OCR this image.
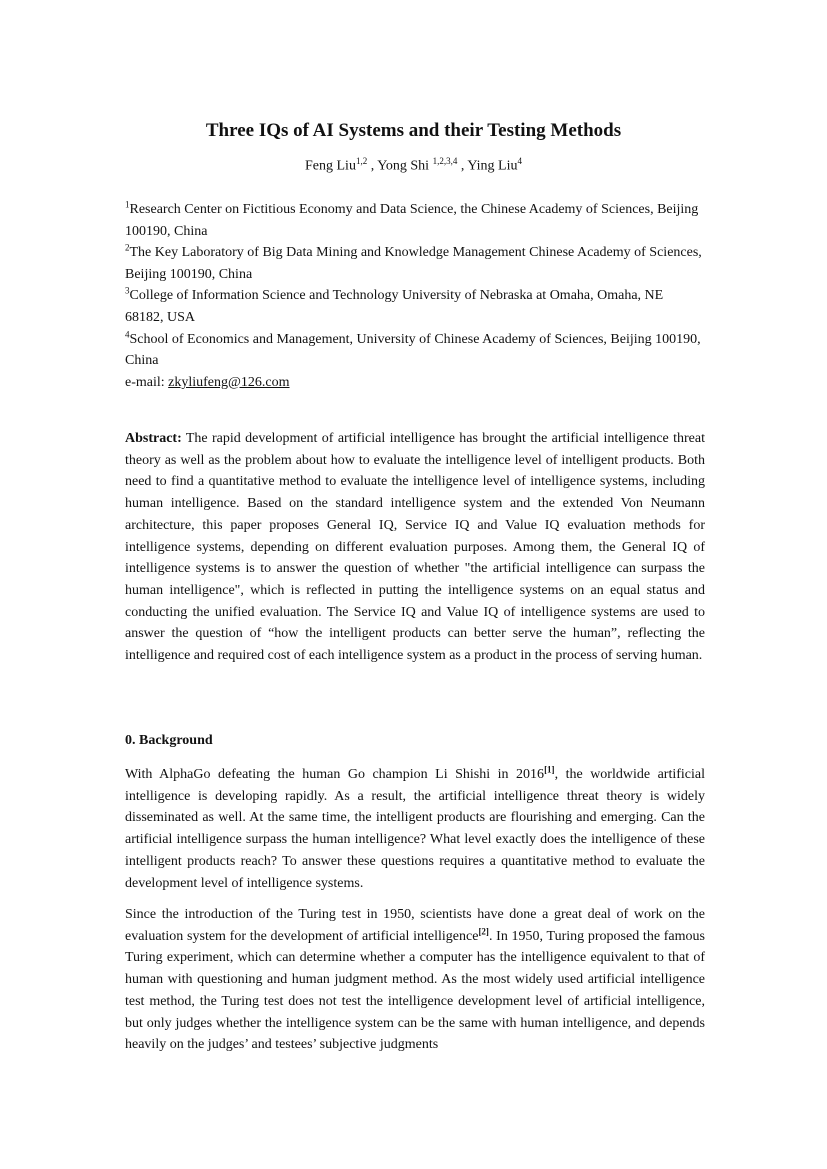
Three IQs of AI Systems and their Testing Methods
Feng Liu$^{1,2}$ , Yong Shi $^{1,2,3,4}$ , Ying Liu$^4$

$^1$Research Center on Fictitious Economy and Data Science, the Chinese Academy of Sciences, Beijing 100190, China

$^2$The Key Laboratory of Big Data Mining and Knowledge Management Chinese Academy of Sciences, Beijing 100190, China

$^3$College of Information Science and Technology University of Nebraska at Omaha, Omaha, NE 68182, USA

$^4$School of Economics and Management, University of Chinese Academy of Sciences, Beijing 100190, China

e-mail: zkyliufeng@126.com

Abstract: The rapid development of artificial intelligence has brought the artificial intelligence threat theory as well as the problem about how to evaluate the intelligence level of intelligent products. Both need to find a quantitative method to evaluate the intelligence level of intelligence systems, including human intelligence. Based on the standard intelligence system and the extended Von Neumann architecture, this paper proposes General IQ, Service IQ and Value IQ evaluation methods for intelligence systems, depending on different evaluation purposes. Among them, the General IQ of intelligence systems is to answer the question of whether "the artificial intelligence can surpass the human intelligence", which is reflected in putting the intelligence systems on an equal status and conducting the unified evaluation. The Service IQ and Value IQ of intelligence systems are used to answer the question of “how the intelligent products can better serve the human”, reflecting the intelligence and required cost of each intelligence system as a product in the process of serving human.

0. Background

With AlphaGo defeating the human Go champion Li Shishi in 2016[1], the worldwide artificial intelligence is developing rapidly. As a result, the artificial intelligence threat theory is widely disseminated as well. At the same time, the intelligent products are flourishing and emerging. Can the artificial intelligence surpass the human intelligence? What level exactly does the intelligence of these intelligent products reach? To answer these questions requires a quantitative method to evaluate the development level of intelligence systems.

Since the introduction of the Turing test in 1950, scientists have done a great deal of work on the evaluation system for the development of artificial intelligence[2]. In 1950, Turing proposed the famous Turing experiment, which can determine whether a computer has the intelligence equivalent to that of human with questioning and human judgment method. As the most widely used artificial intelligence test method, the Turing test does not test the intelligence development level of artificial intelligence, but only judges whether the intelligence system can be the same with human intelligence, and depends heavily on the judges’ and testees’ subjective judgments
